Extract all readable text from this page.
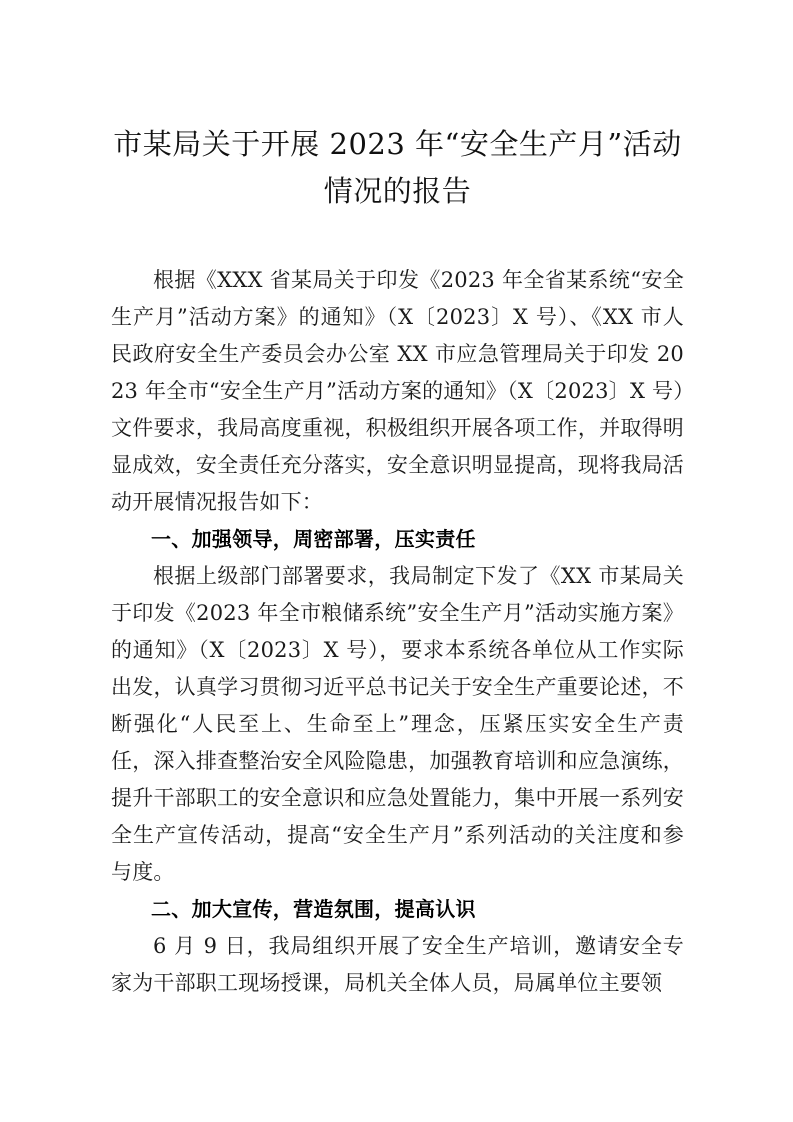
市某局关于开展 2023 年“安全生产月”活动
情况的报告

根据《XXX 省某局关于印发《2023 年全省某系统“安全生产月”活动方案》的通知》（X〔2023〕X 号）、《XX 市人民政府安全生产委员会办公室 XX 市应急管理局关于印发 2023 年全市“安全生产月”活动方案的通知》（X〔2023〕X 号）文件要求，我局高度重视，积极组织开展各项工作，并取得明显成效，安全责任充分落实，安全意识明显提高，现将我局活动开展情况报告如下：

一、加强领导，周密部署，压实责任

根据上级部门部署要求，我局制定下发了《XX 市某局关于印发《2023 年全市粮储系统”安全生产月”活动实施方案》的通知》（X〔2023〕X 号），要求本系统各单位从工作实际出发，认真学习贯彻习近平总书记关于安全生产重要论述，不断强化“人民至上、生命至上”理念，压紧压实安全生产责任，深入排查整治安全风险隐患，加强教育培训和应急演练，提升干部职工的安全意识和应急处置能力，集中开展一系列安全生产宣传活动，提高“安全生产月”系列活动的关注度和参与度。

二、加大宣传，营造氛围，提高认识

6 月 9 日，我局组织开展了安全生产培训，邀请安全专家为干部职工现场授课，局机关全体人员，局属单位主要领
